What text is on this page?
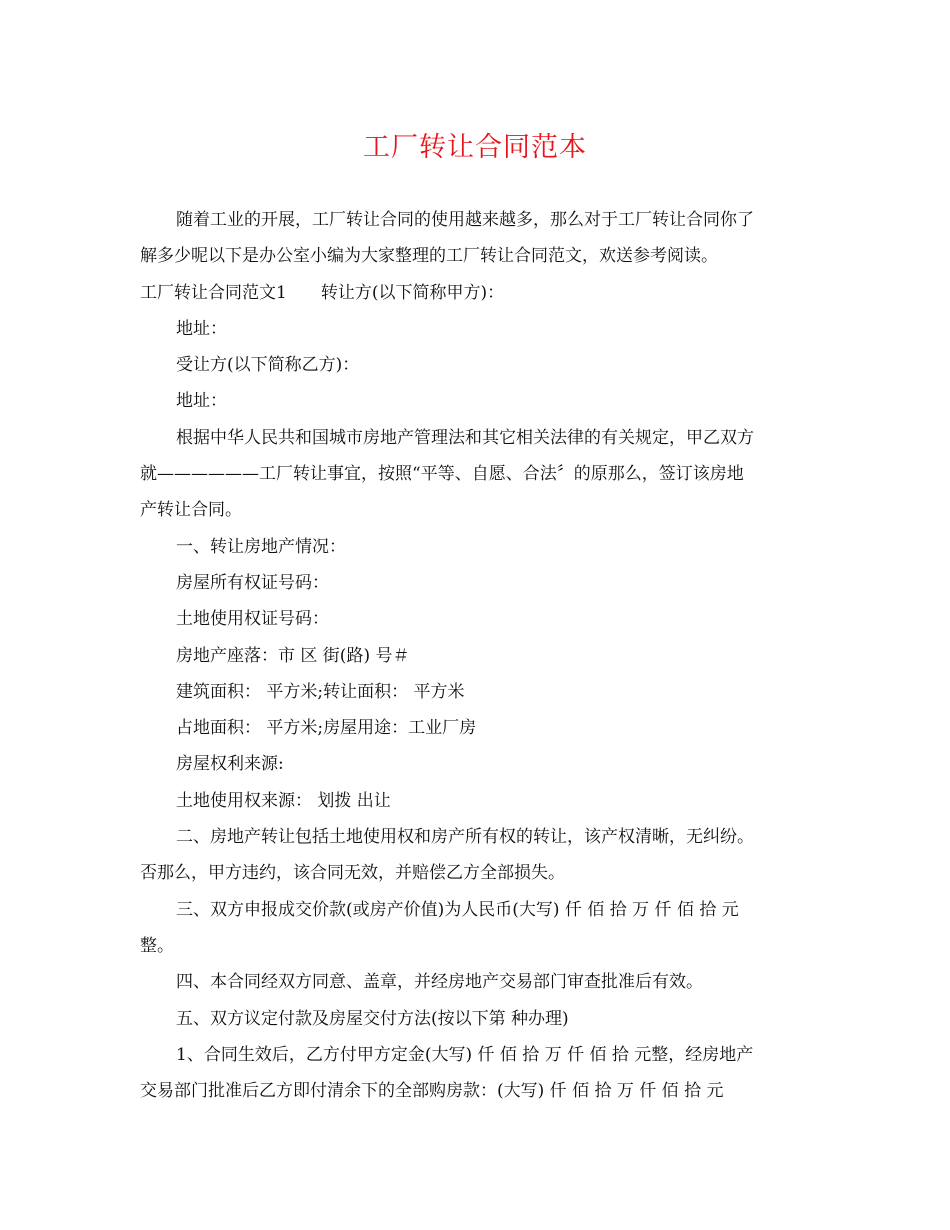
工厂转让合同范本

随着工业的开展，工厂转让合同的使用越来越多，那么对于工厂转让合同你了

解多少呢以下是办公室小编为大家整理的工厂转让合同范文，欢送参考阅读。

工厂转让合同范文1 转让方(以下简称甲方)：

地址：

受让方(以下简称乙方)：

地址：

根据中华人民共和国城市房地产管理法和其它相关法律的有关规定，甲乙双方

就——————工厂转让事宜，按照“平等、自愿、合法〞的原那么，签订该房地

产转让合同。

一、转让房地产情况：

房屋所有权证号码：

土地使用权证号码：

房地产座落：市 区 街(路) 号＃

建筑面积： 平方米;转让面积： 平方米

占地面积： 平方米;房屋用途：工业厂房

房屋权利来源:

土地使用权来源： 划拨 出让

二、房地产转让包括土地使用权和房产所有权的转让，该产权清晰，无纠纷。

否那么，甲方违约，该合同无效，并赔偿乙方全部损失。

三、双方申报成交价款(或房产价值)为人民币(大写) 仟 佰 拾 万 仟 佰 拾 元

整。

四、本合同经双方同意、盖章，并经房地产交易部门审查批准后有效。

五、双方议定付款及房屋交付方法(按以下第 种办理)

1、合同生效后，乙方付甲方定金(大写) 仟 佰 拾 万 仟 佰 拾 元整，经房地产

交易部门批准后乙方即付清余下的全部购房款：(大写) 仟 佰 拾 万 仟 佰 拾 元
